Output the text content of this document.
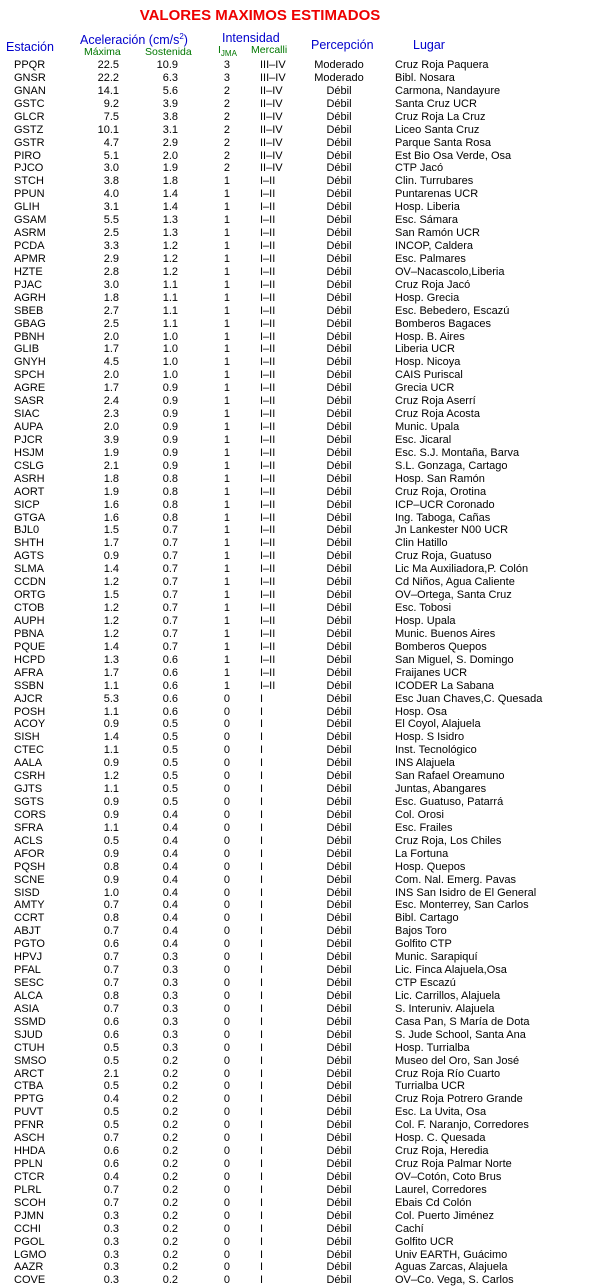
VALORES MAXIMOS ESTIMADOS
Estación Aceleración $(cm/s^2)$
Máxima Sostenida
Intensidad
$I_{JMA}$ Mercalli Percepción	Lugar
PPQR	22.5	10.9	3	III–IV	Moderado	Cruz Roja Paquera
GNSR	22.2	6.3	3	III–IV	Moderado	Bibl. Nosara
GNAN	14.1	5.6	2	II–IV	Débil	Carmona, Nandayure
GSTC	9.2	3.9	2	II–IV	Débil	Santa Cruz UCR
GLCR	7.5	3.8	2	II–IV	Débil	Cruz Roja La Cruz
GSTZ	10.1	3.1	2	II–IV	Débil	Liceo Santa Cruz
GSTR	4.7	2.9	2	II–IV	Débil	Parque Santa Rosa
PIRO	5.1	2.0	2	II–IV	Débil	Est Bio Osa Verde, Osa
PJCO	3.0	1.9	2	II–IV	Débil	CTP Jacó
STCH	3.8	1.8	1	I–II	Débil	Clin. Turrubares
PPUN	4.0	1.4	1	I–II	Débil	Puntarenas UCR
GLIH	3.1	1.4	1	I–II	Débil	Hosp. Liberia
GSAM	5.5	1.3	1	I–II	Débil	Esc. Sámara
ASRM	2.5	1.3	1	I–II	Débil	San Ramón UCR
PCDA	3.3	1.2	1	I–II	Débil	INCOP, Caldera
APMR	2.9	1.2	1	I–II	Débil	Esc. Palmares
HZTE	2.8	1.2	1	I–II	Débil	OV–Nacascolo,Liberia
PJAC	3.0	1.1	1	I–II	Débil	Cruz Roja Jacó
AGRH	1.8	1.1	1	I–II	Débil	Hosp. Grecia
SBEB	2.7	1.1	1	I–II	Débil	Esc. Bebedero, Escazú
GBAG	2.5	1.1	1	I–II	Débil	Bomberos Bagaces
PBNH	2.0	1.0	1	I–II	Débil	Hosp. B. Aires
GLIB	1.7	1.0	1	I–II	Débil	Liberia UCR
GNYH	4.5	1.0	1	I–II	Débil	Hosp. Nicoya
SPCH	2.0	1.0	1	I–II	Débil	CAIS Puriscal
AGRE	1.7	0.9	1	I–II	Débil	Grecia UCR
SASR	2.4	0.9	1	I–II	Débil	Cruz Roja Aserrí
SIAC	2.3	0.9	1	I–II	Débil	Cruz Roja Acosta
AUPA	2.0	0.9	1	I–II	Débil	Munic. Upala
PJCR	3.9	0.9	1	I–II	Débil	Esc. Jicaral
HSJM	1.9	0.9	1	I–II	Débil	Esc. S.J. Montaña, Barva
CSLG	2.1	0.9	1	I–II	Débil	S.L. Gonzaga, Cartago
ASRH	1.8	0.8	1	I–II	Débil	Hosp. San Ramón
AORT	1.9	0.8	1	I–II	Débil	Cruz Roja, Orotina
SICP	1.6	0.8	1	I–II	Débil	ICP–UCR Coronado
GTGA	1.6	0.8	1	I–II	Débil	Ing. Taboga, Cañas
BJL0	1.5	0.7	1	I–II	Débil	Jn Lankester N00 UCR
SHTH	1.7	0.7	1	I–II	Débil	Clin Hatillo
AGTS	0.9	0.7	1	I–II	Débil	Cruz Roja, Guatuso
SLMA	1.4	0.7	1	I–II	Débil	Lic Ma Auxiliadora,P. Colón
CCDN	1.2	0.7	1	I–II	Débil	Cd Niños, Agua Caliente
ORTG	1.5	0.7	1	I–II	Débil	OV–Ortega, Santa Cruz
CTOB	1.2	0.7	1	I–II	Débil	Esc. Tobosi
AUPH	1.2	0.7	1	I–II	Débil	Hosp. Upala
PBNA	1.2	0.7	1	I–II	Débil	Munic. Buenos Aires
PQUE	1.4	0.7	1	I–II	Débil	Bomberos Quepos
HCPD	1.3	0.6	1	I–II	Débil	San Miguel, S. Domingo
AFRA	1.7	0.6	1	I–II	Débil	Fraijanes UCR
SSBN	1.1	0.6	1	I–II	Débil	ICODER La Sabana
AJCR	5.3	0.6	0	I	Débil	Esc Juan Chaves,C. Quesada
POSH	1.1	0.6	0	I	Débil	Hosp. Osa
ACOY	0.9	0.5	0	I	Débil	El Coyol, Alajuela
SISH	1.4	0.5	0	I	Débil	Hosp. S Isidro
CTEC	1.1	0.5	0	I	Débil	Inst. Tecnológico
AALA	0.9	0.5	0	I	Débil	INS Alajuela
CSRH	1.2	0.5	0	I	Débil	San Rafael Oreamuno
GJTS	1.1	0.5	0	I	Débil	Juntas, Abangares
SGTS	0.9	0.5	0	I	Débil	Esc. Guatuso, Patarrá
CORS	0.9	0.4	0	I	Débil	Col. Orosi
SFRA	1.1	0.4	0	I	Débil	Esc. Frailes
ACLS	0.5	0.4	0	I	Débil	Cruz Roja, Los Chiles
AFOR	0.9	0.4	0	I	Débil	La Fortuna
PQSH	0.8	0.4	0	I	Débil	Hosp. Quepos
SCNE	0.9	0.4	0	I	Débil	Com. Nal. Emerg. Pavas
SISD	1.0	0.4	0	I	Débil	INS San Isidro de El General
AMTY	0.7	0.4	0	I	Débil	Esc. Monterrey, San Carlos
CCRT	0.8	0.4	0	I	Débil	Bibl. Cartago
ABJT	0.7	0.4	0	I	Débil	Bajos Toro
PGTO	0.6	0.4	0	I	Débil	Golfito CTP
HPVJ	0.7	0.3	0	I	Débil	Munic. Sarapiquí
PFAL	0.7	0.3	0	I	Débil	Lic. Finca Alajuela,Osa
SESC	0.7	0.3	0	I	Débil	CTP Escazú
ALCA	0.8	0.3	0	I	Débil	Lic. Carrillos, Alajuela
ASIA	0.7	0.3	0	I	Débil	S. Interuniv. Alajuela
SSMD	0.6	0.3	0	I	Débil	Casa Pan, S María de Dota
SJUD	0.6	0.3	0	I	Débil	S. Jude School, Santa Ana
CTUH	0.5	0.3	0	I	Débil	Hosp. Turrialba
SMSO	0.5	0.2	0	I	Débil	Museo del Oro, San José
ARCT	2.1	0.2	0	I	Débil	Cruz Roja Río Cuarto
CTBA	0.5	0.2	0	I	Débil	Turrialba UCR
PPTG	0.4	0.2	0	I	Débil	Cruz Roja Potrero Grande
PUVT	0.5	0.2	0	I	Débil	Esc. La Uvita, Osa
PFNR	0.5	0.2	0	I	Débil	Col. F. Naranjo, Corredores
ASCH	0.7	0.2	0	I	Débil	Hosp. C. Quesada
HHDA	0.6	0.2	0	I	Débil	Cruz Roja, Heredia
PPLN	0.6	0.2	0	I	Débil	Cruz Roja Palmar Norte
CTCR	0.4	0.2	0	I	Débil	OV–Cotón, Coto Brus
PLRL	0.7	0.2	0	I	Débil	Laurel, Corredores
SCOH	0.7	0.2	0	I	Débil	Ebais Cd Colón
PJMN	0.3	0.2	0	I	Débil	Col. Puerto Jiménez
CCHI	0.3	0.2	0	I	Débil	Cachí
PGOL	0.3	0.2	0	I	Débil	Golfito UCR
LGMO	0.3	0.2	0	I	Débil	Univ EARTH, Guácimo
AAZR	0.3	0.2	0	I	Débil	Aguas Zarcas, Alajuela
COVE	0.3	0.2	0	I	Débil	OV–Co. Vega, S. Carlos
